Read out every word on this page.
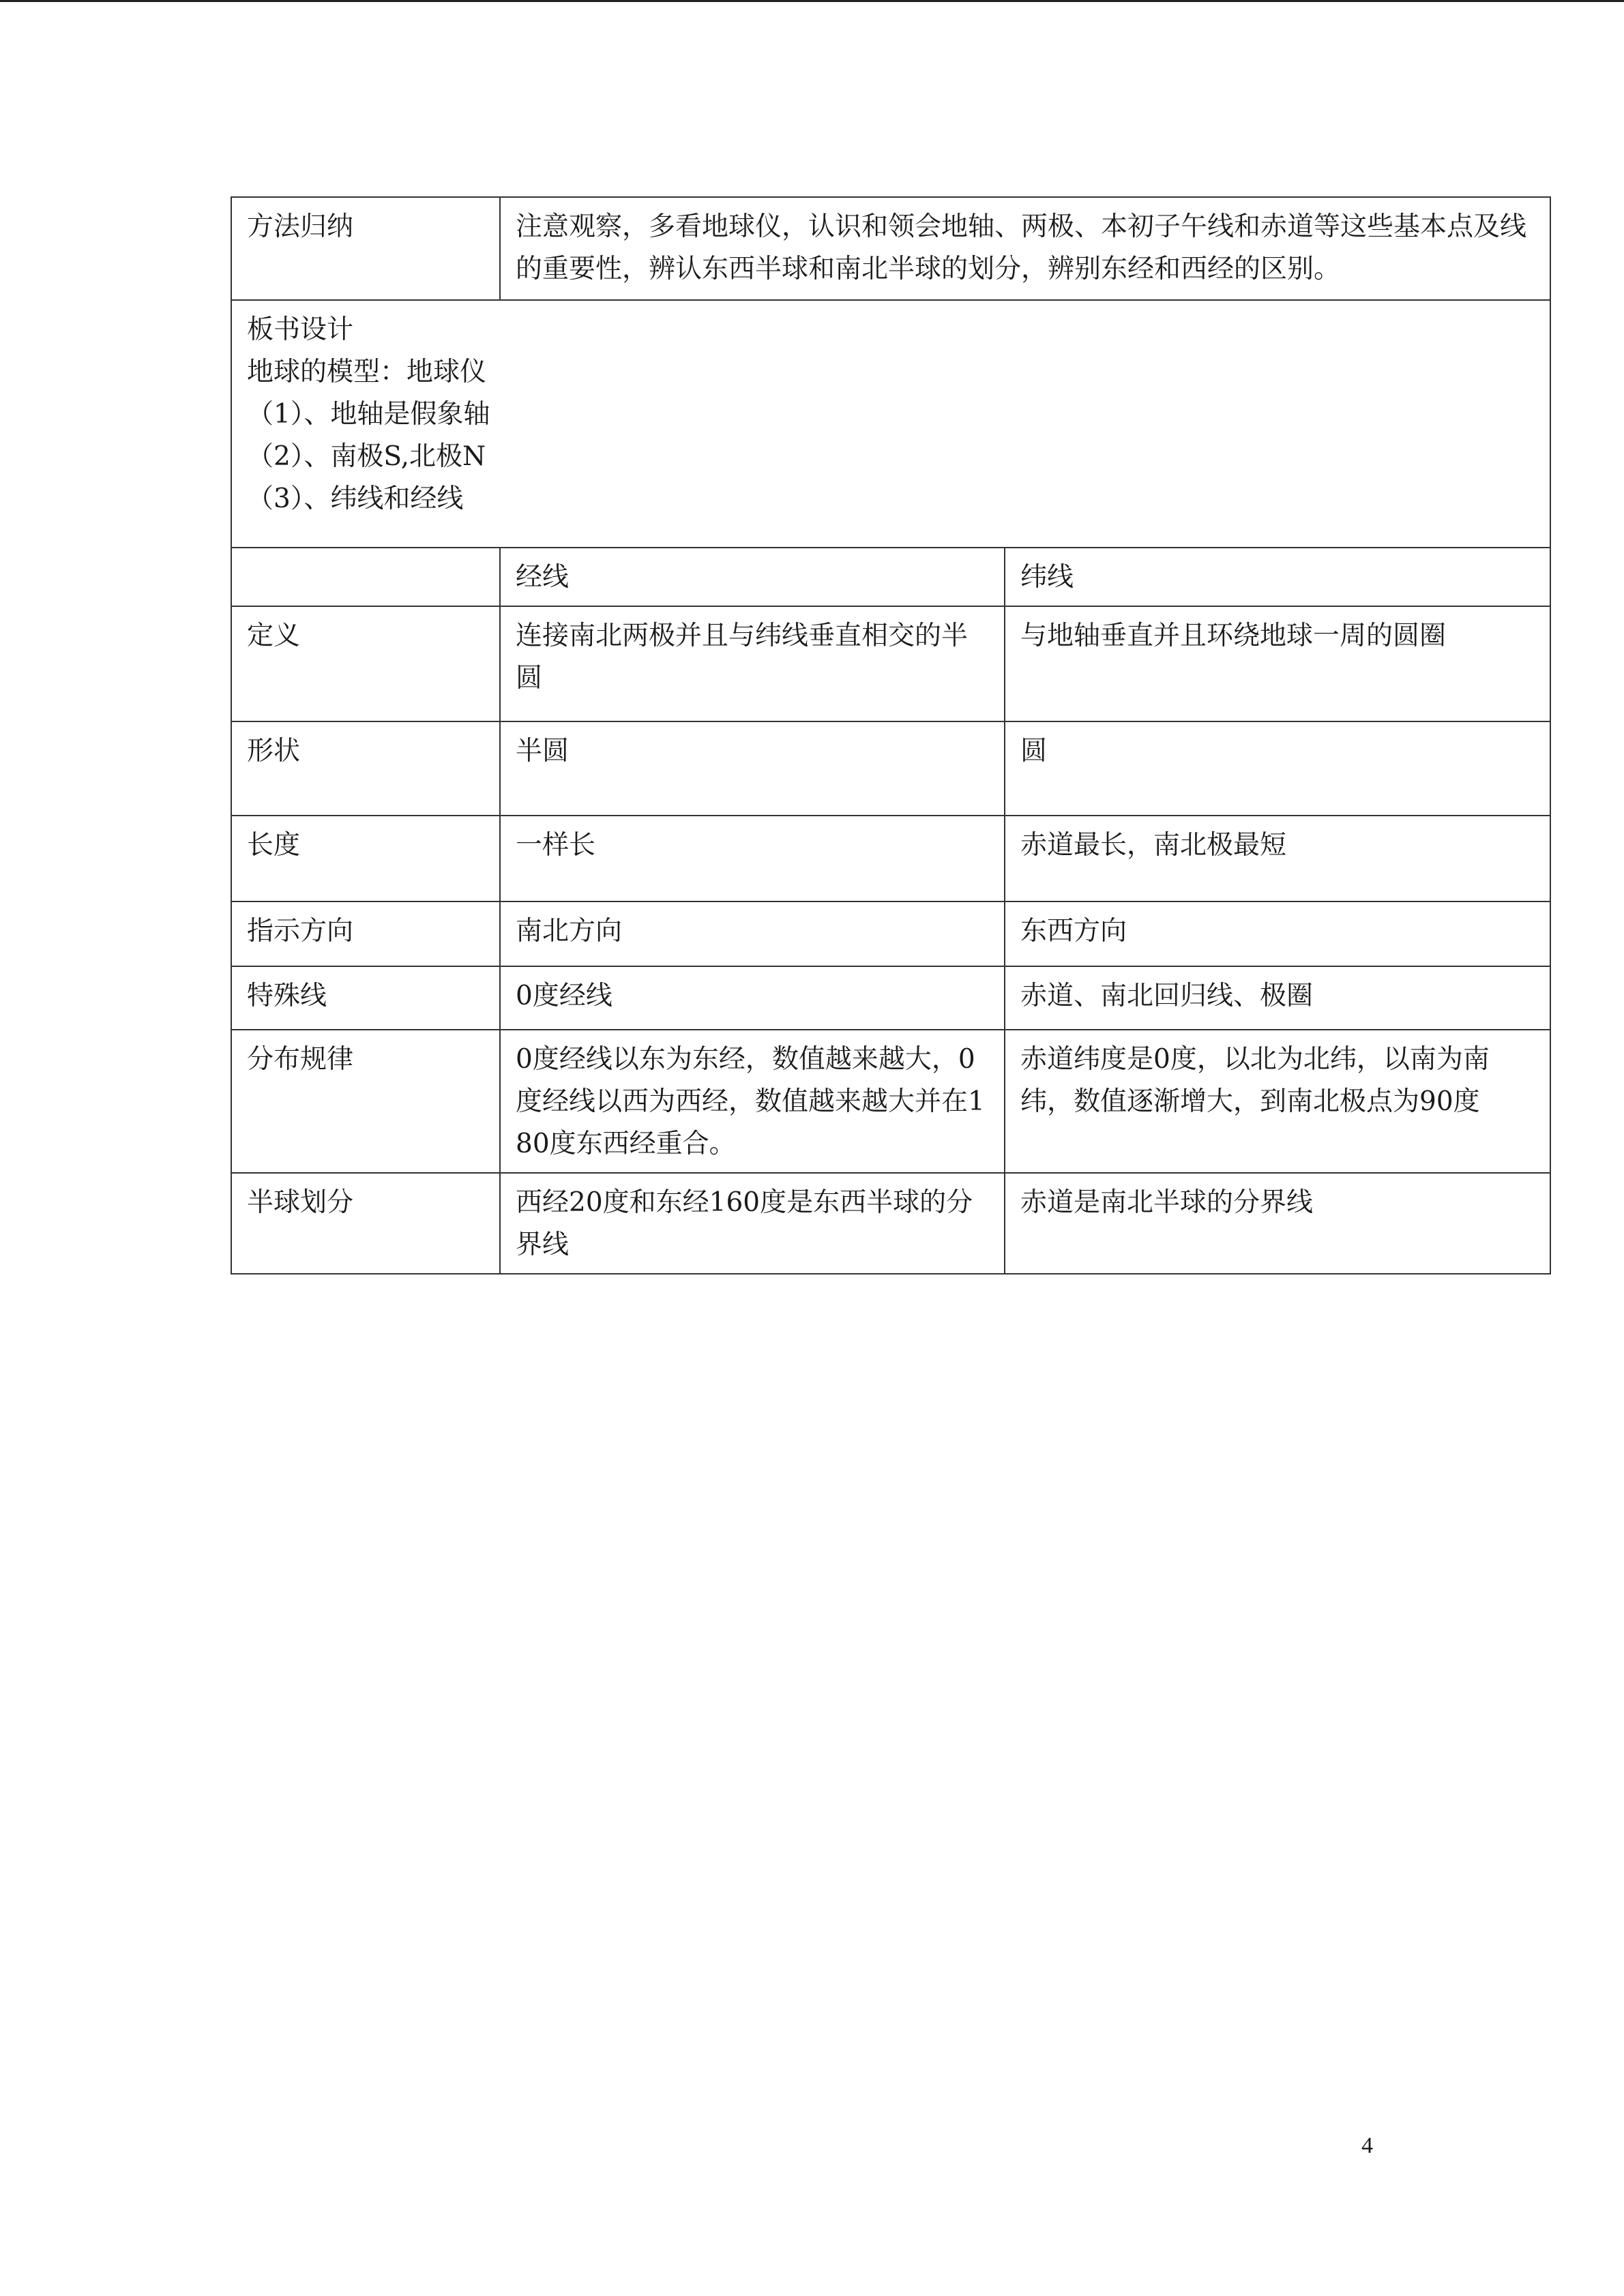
方法归纳	注意观察，多看地球仪，认识和领会地轴、两极、本初子午线和赤道等这些基本点及线的重要性，辨认东西半球和南北半球的划分，辨别东经和西经的区别。	

板书设计
地球的模型：地球仪
（1）、地轴是假象轴
（2）、南极S,北极N
（3）、纬线和经线		

	经线	纬线
定义	连接南北两极并且与纬线垂直相交的半圆	与地轴垂直并且环绕地球一周的圆圈
形状	半圆	圆
长度	一样长	赤道最长，南北极最短
指示方向	南北方向	东西方向
特殊线	0度经线	赤道、南北回归线、极圈
分布规律	0度经线以东为东经，数值越来越大，0度经线以西为西经，数值越来越大并在180度东西经重合。	赤道纬度是0度，以北为北纬，以南为南纬，数值逐渐增大，到南北极点为90度
半球划分	西经20度和东经160度是东西半球的分界线	赤道是南北半球的分界线
4
